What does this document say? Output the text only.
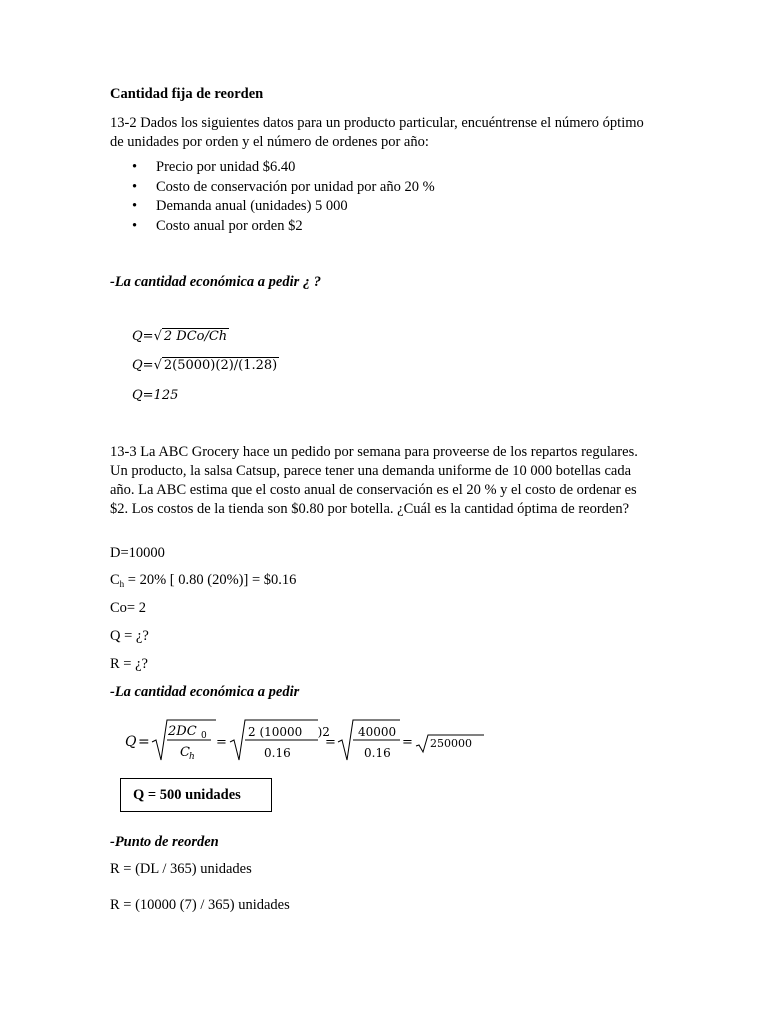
Cantidad fija de reorden
13-2 Dados los siguientes datos para un producto particular, encuéntrense el número óptimo de unidades por orden y el número de ordenes por año:
• Precio por unidad $6.40
• Costo de conservación por unidad por año 20 %
• Demanda anual (unidades) 5 000
• Costo anual por orden $2
-La cantidad económica a pedir ¿ ?
Q=√ 2 DCo/Ch
Q=√ 2(5000)(2)/(1.28)
Q=125
13-3 La ABC Grocery hace un pedido por semana para proveerse de los repartos regulares. Un producto, la salsa Catsup, parece tener una demanda uniforme de 10 000 botellas cada año. La ABC estima que el costo anual de conservación es el 20 % y el costo de ordenar es $2. Los costos de la tienda son $0.80 por botella. ¿Cuál es la cantidad óptima de reorden?
D=10000
$C_h = 20\%$ [ 0.80 (20%)] = $0.16
Co= 2
Q = ¿?
R = ¿?
-La cantidad económica a pedir
Q =
2DC 0
C h
=
2 (10000    )2
0.16
=
40000
0.16
= 250000
Q = 500 unidades
-Punto de reorden
R = (DL / 365) unidades
R = (10000 (7) / 365) unidades
